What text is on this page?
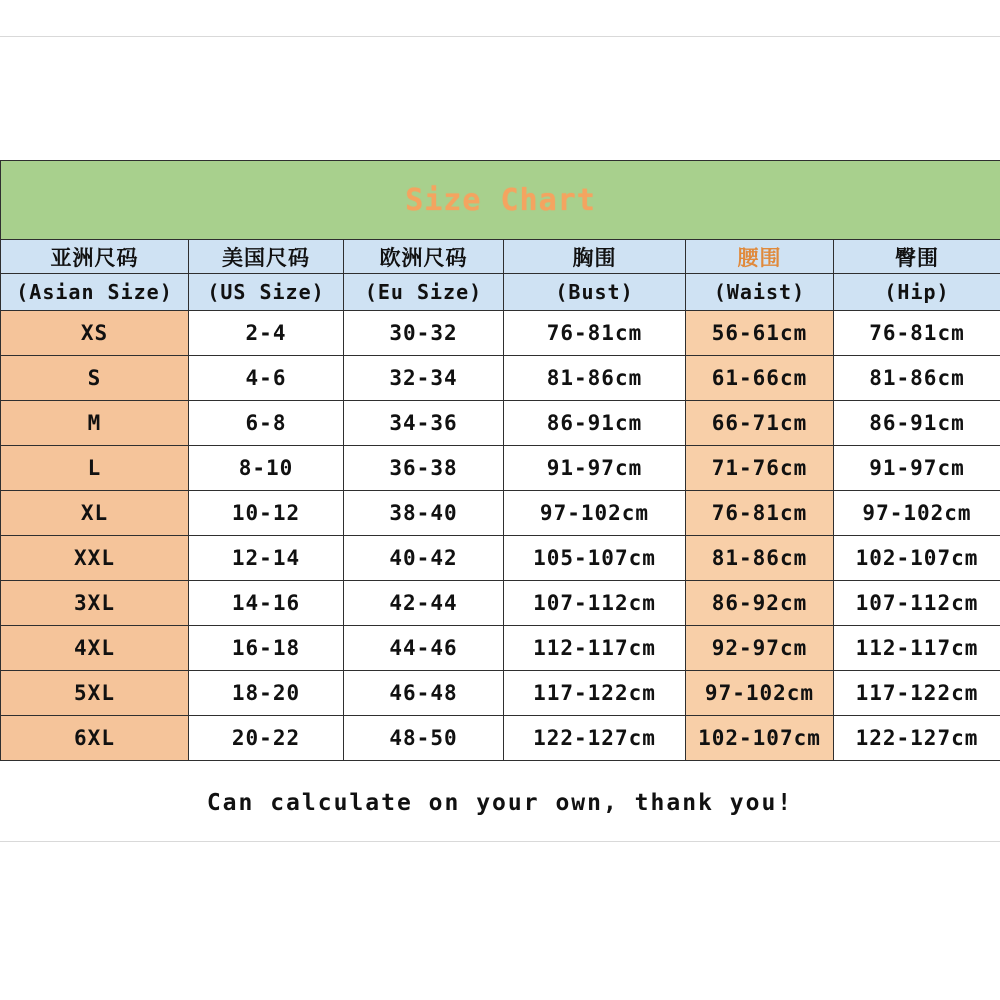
Size Chart					
亚洲尺码	美国尺码	欧洲尺码	胸围	腰围	臀围
(Asian Size)	(US Size)	(Eu Size)	(Bust)	(Waist)	(Hip)
XS	2-4	30-32	76-81cm	56-61cm	76-81cm
S	4-6	32-34	81-86cm	61-66cm	81-86cm
M	6-8	34-36	86-91cm	66-71cm	86-91cm
L	8-10	36-38	91-97cm	71-76cm	91-97cm
XL	10-12	38-40	97-102cm	76-81cm	97-102cm
XXL	12-14	40-42	105-107cm	81-86cm	102-107cm
3XL	14-16	42-44	107-112cm	86-92cm	107-112cm
4XL	16-18	44-46	112-117cm	92-97cm	112-117cm
5XL	18-20	46-48	117-122cm	97-102cm	117-122cm
6XL	20-22	48-50	122-127cm	102-107cm	122-127cm
Can calculate on your own, thank you!
